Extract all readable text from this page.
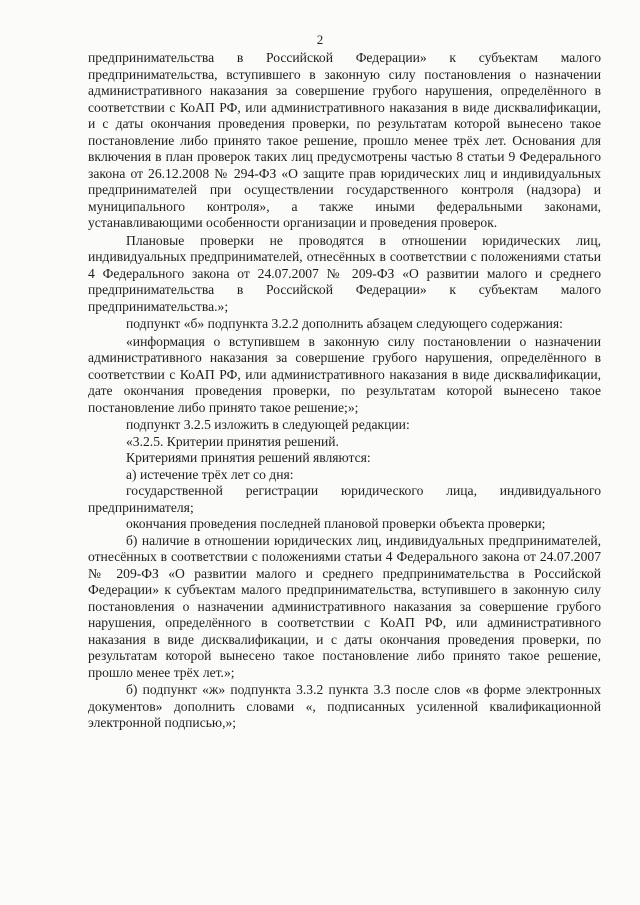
2

предпринимательства в Российской Федерации» к субъектам малого предпринимательства, вступившего в законную силу постановления о назначении административного наказания за совершение грубого нарушения, определённого в соответствии с КоАП РФ, или административного наказания в виде дисквалификации, и с даты окончания проведения проверки, по результатам которой вынесено такое постановление либо принято такое решение, прошло менее трёх лет. Основания для включения в план проверок таких лиц предусмотрены частью 8 статьи 9 Федерального закона от 26.12.2008 № 294-ФЗ «О защите прав юридических лиц и индивидуальных предпринимателей при осуществлении государственного контроля (надзора) и муниципального контроля», а также иными федеральными законами, устанавливающими особенности организации и проведения проверок.

Плановые проверки не проводятся в отношении юридических лиц, индивидуальных предпринимателей, отнесённых в соответствии с положениями статьи 4 Федерального закона от 24.07.2007 № 209-ФЗ «О развитии малого и среднего предпринимательства в Российской Федерации» к субъектам малого предпринимательства.»;

подпункт «б» подпункта 3.2.2 дополнить абзацем следующего содержания:

«информация о вступившем в законную силу постановлении о назначении административного наказания за совершение грубого нарушения, определённого в соответствии с КоАП РФ, или административного наказания в виде дисквалификации, дате окончания проведения проверки, по результатам которой вынесено такое постановление либо принято такое решение;»;

подпункт 3.2.5 изложить в следующей редакции:

«3.2.5. Критерии принятия решений.

Критериями принятия решений являются:

а) истечение трёх лет со дня:

государственной регистрации юридического лица, индивидуального предпринимателя;

окончания проведения последней плановой проверки объекта проверки;

б) наличие в отношении юридических лиц, индивидуальных предпринимателей, отнесённых в соответствии с положениями статьи 4 Федерального закона от 24.07.2007 № 209-ФЗ «О развитии малого и среднего предпринимательства в Российской Федерации» к субъектам малого предпринимательства, вступившего в законную силу постановления о назначении административного наказания за совершение грубого нарушения, определённого в соответствии с КоАП РФ, или административного наказания в виде дисквалификации, и с даты окончания проведения проверки, по результатам которой вынесено такое постановление либо принято такое решение, прошло менее трёх лет.»;

б) подпункт «ж» подпункта 3.3.2 пункта 3.3 после слов «в форме электронных документов» дополнить словами «, подписанных усиленной квалификационной электронной подписью,»;
